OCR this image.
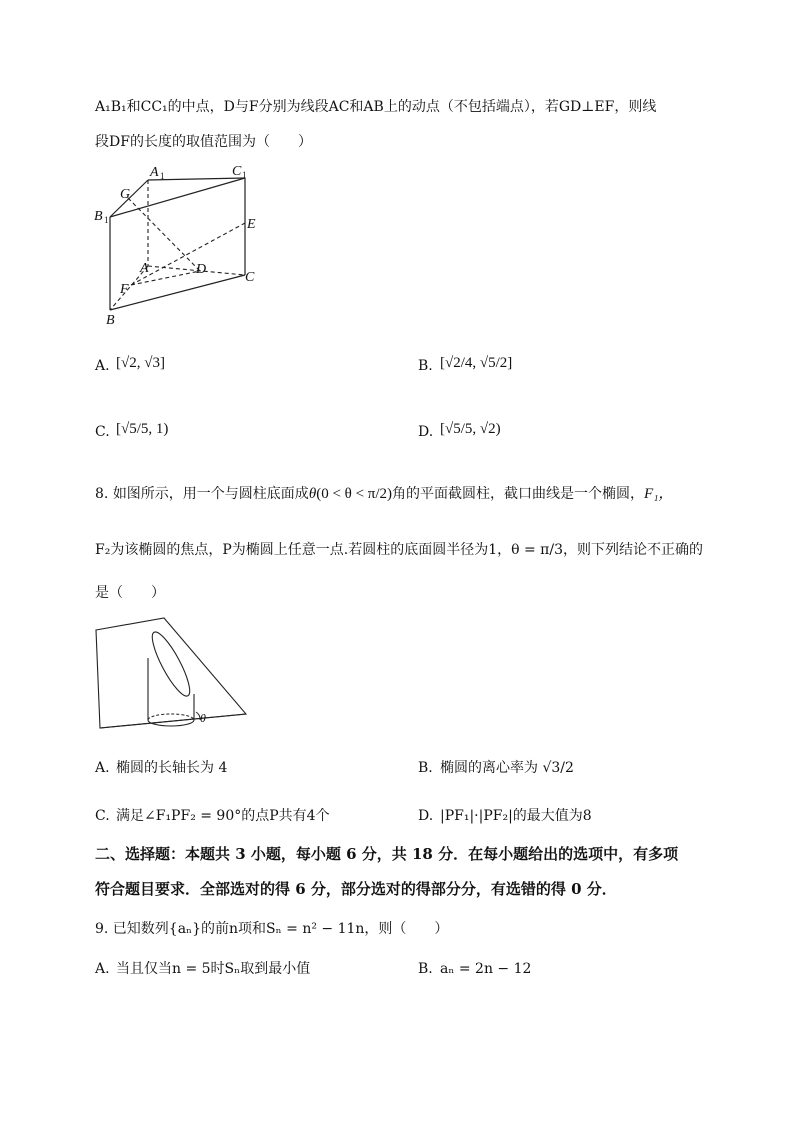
A₁B₁和CC₁的中点，D与F分别为线段AC和AB上的动点（不包括端点），若GD⊥EF，则线
段DF的长度的取值范围为（　　）
A 1	C 1
G
B 1	E
A	D
C
F
B
A. [√2, √3]	B. [√2/4, √5/2]
C. [√5/5, 1)	D. [√5/5, √2)
8. 如图所示，用一个与圆柱底面成θ(0 < θ < π/2)角的平面截圆柱，截口曲线是一个椭圆，F₁，
F₂为该椭圆的焦点，P为椭圆上任意一点.若圆柱的底面圆半径为1，θ = π/3，则下列结论不正确的
是（　　）
θ
A. 椭圆的长轴长为 4	B. 椭圆的离心率为 √3/2
C. 满足∠F₁PF₂ = 90°的点P共有4个	D. |PF₁|·|PF₂|的最大值为8
二、选择题：本题共 3 小题，每小题 6 分，共 18 分．在每小题给出的选项中，有多项
符合题目要求．全部选对的得 6 分，部分选对的得部分分，有选错的得 0 分．
9. 已知数列{aₙ}的前n项和Sₙ = n² − 11n，则（　　）
A. 当且仅当n = 5时Sₙ取到最小值	B. aₙ = 2n − 12
